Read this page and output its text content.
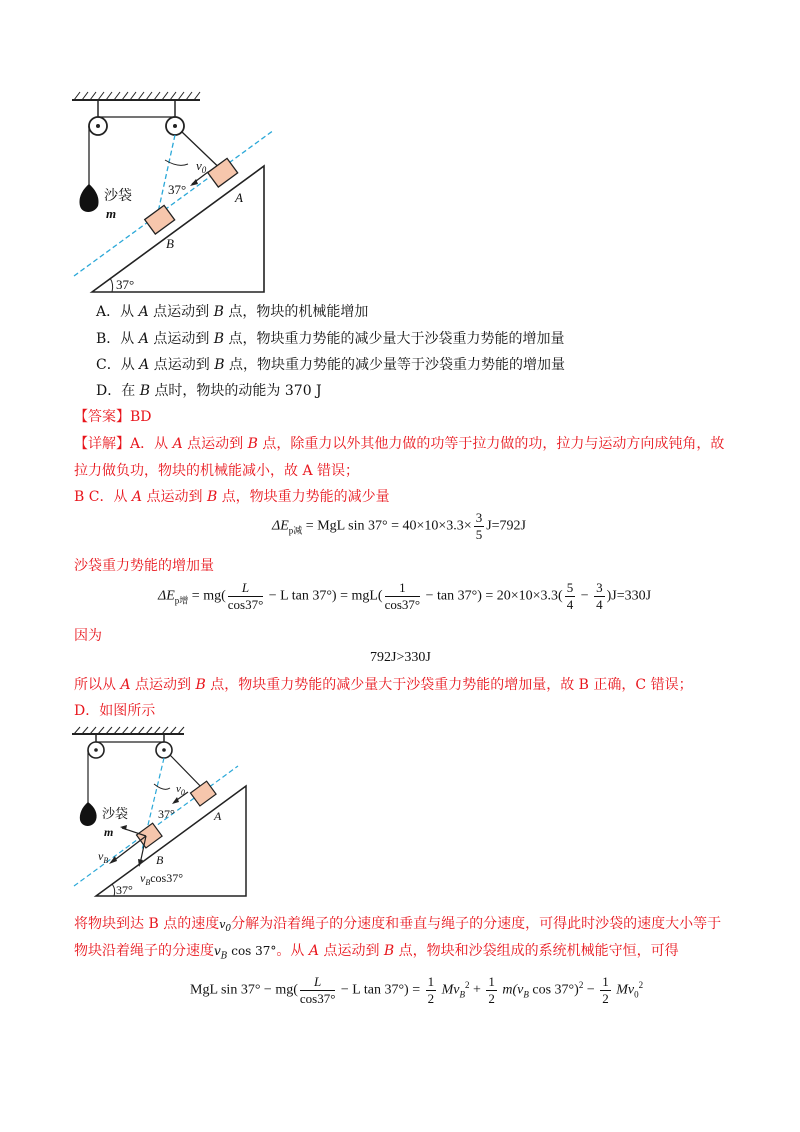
$v_0$
37°
A
B
沙袋
m
37°
A．从 A 点运动到 B 点，物块的机械能增加
B．从 A 点运动到 B 点，物块重力势能的减少量大于沙袋重力势能的增加量
C．从 A 点运动到 B 点，物块重力势能的减少量等于沙袋重力势能的增加量
D．在 B 点时，物块的动能为 370 J
【答案】BD
【详解】A．从 A 点运动到 B 点，除重力以外其他力做的功等于拉力做的功，拉力与运动方向成钝角，故
拉力做负功，物块的机械能减小，故 A 错误；
B C．从 A 点运动到 B 点，物块重力势能的减少量
$\Delta E_{p减}$ = MgL $\sin 37^\circ = 40\times 10\times 3.3\times \frac{3}{5} J=792J$
沙袋重力势能的增加量
$\Delta E_{p增} = mg( \frac{L}{\cos 37^\circ} - L$ $\tan 37^\circ) = mgL( \frac{1}{\cos 37^\circ} - \tan 37^\circ) = 20\times 10\times 3.3( \frac{5}{4} - \frac{3}{4} )J=330J$
因为
792J>330J
所以从 A 点运动到 B 点，物块重力势能的减少量大于沙袋重力势能的增加量，故 B 正确，C 错误；
D．如图所示
$v_0$
37°	A
B
沙袋
m
$v_B$
$v_B\cos 37^\circ$
37°
将物块到达 B 点的速度$v_0$分解为沿着绳子的分速度和垂直与绳子的分速度，可得此时沙袋的速度大小等于
物块沿着绳子的分速度$v_B$ cos 37°。从 A 点运动到 B 点，物块和沙袋组成的系统机械能守恒，可得
MgL $\sin 37^\circ - mg( \frac{L}{\cos 37^\circ} - L$ $\tan 37^\circ) = \frac{1}{2} Mv_B^2 + \frac{1}{2} m(v_B$ $\cos 37^\circ)^2 - \frac{1}{2} Mv_0^2$
